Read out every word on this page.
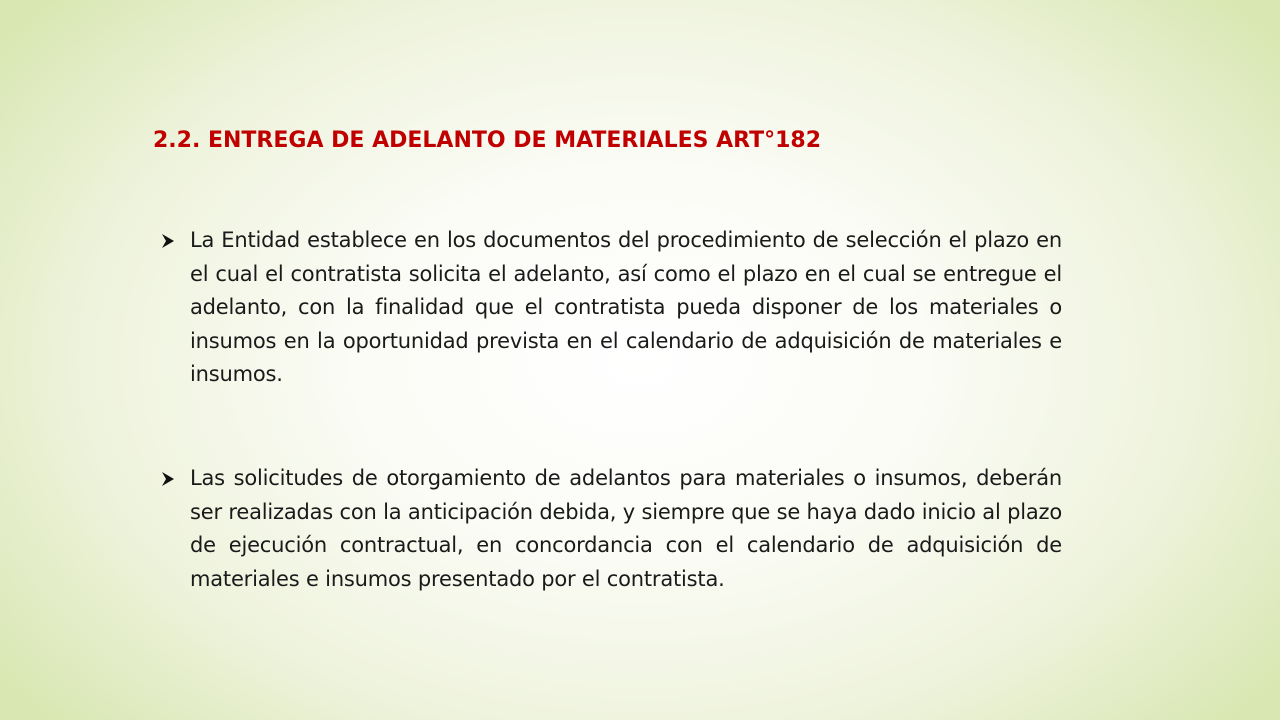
2.2. ENTREGA DE ADELANTO DE MATERIALES ART°182

La Entidad establece en los documentos del procedimiento de selección el plazo en el cual el contratista solicita el adelanto, así como el plazo en el cual se entregue el adelanto, con la finalidad que el contratista pueda disponer de los materiales o insumos en la oportunidad prevista en el calendario de adquisición de materiales e insumos.

Las solicitudes de otorgamiento de adelantos para materiales o insumos, deberán ser realizadas con la anticipación debida, y siempre que se haya dado inicio al plazo de ejecución contractual, en concordancia con el calendario de adquisición de materiales e insumos presentado por el contratista.
